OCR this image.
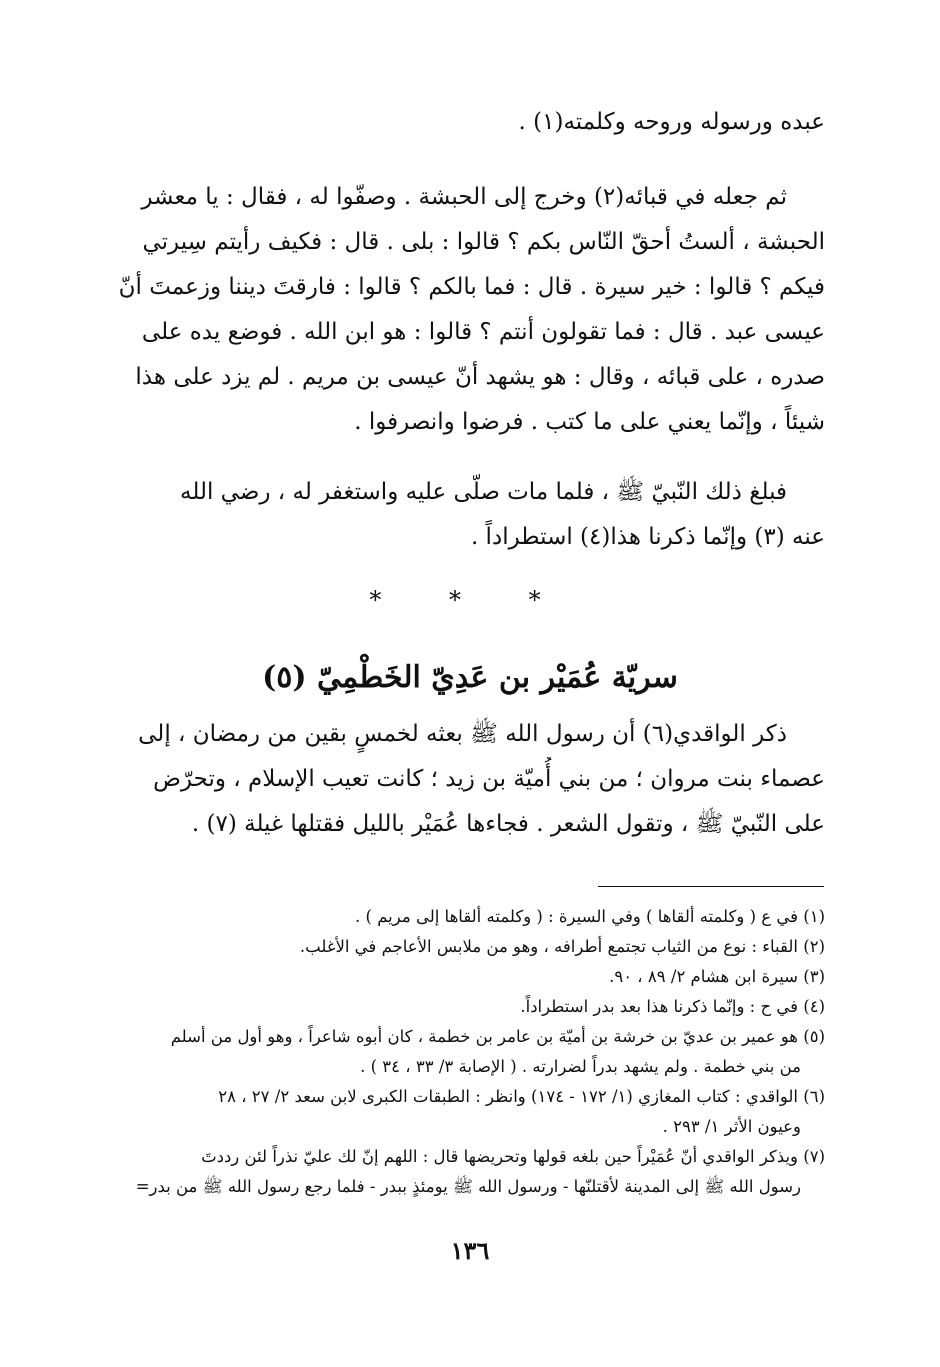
عبده ورسوله وروحه وكلمته(١) .
ثم جعله في قبائه(٢) وخرج إلى الحبشة . وصفّوا له ، فقال : يا معشر
الحبشة ، ألستُ أحقّ النّاس بكم ؟ قالوا : بلى . قال : فكيف رأيتم سِيرتي
فيكم ؟ قالوا : خير سيرة . قال : فما بالكم ؟ قالوا : فارقتَ ديننا وزعمتَ أنّ
عيسى عبد . قال : فما تقولون أنتم ؟ قالوا : هو ابن الله . فوضع يده على
صدره ، على قبائه ، وقال : هو يشهد أنّ عيسى بن مريم . لم يزد على هذا
شيئاً ، وإنّما يعني على ما كتب . فرضوا وانصرفوا .
فبلغ ذلك النّبيّ ﷺ ، فلما مات صلّى عليه واستغفر له ، رضي الله
عنه (٣) وإنّما ذكرنا هذا(٤) استطراداً .
* * *
سريّة عُمَيْر بن عَدِيّ الخَطْمِيّ (٥)
ذكر الواقدي(٦) أن رسول الله ﷺ بعثه لخمسٍ بقين من رمضان ، إلى
عصماء بنت مروان ؛ من بني أُميّة بن زيد ؛ كانت تعيب الإسلام ، وتحرّض
على النّبيّ ﷺ ، وتقول الشعر . فجاءها عُمَيْر بالليل فقتلها غيلة (٧) .
(١) في ع ( وكلمته ألقاها ) وفي السيرة : ( وكلمته ألقاها إلى مريم ) .
(٢) القباء : نوع من الثياب تجتمع أطرافه ، وهو من ملابس الأعاجم في الأغلب.
(٣) سيرة ابن هشام ٢/ ٨٩ ، ٩٠.
(٤) في ح : وإنّما ذكرنا هذا بعد بدر استطراداً.
(٥) هو عمير بن عديّ بن خرشة بن أميّة بن عامر بن خطمة ، كان أبوه شاعراً ، وهو أول من أسلم
من بني خطمة . ولم يشهد بدراً لضرارته . ( الإصابة ٣/ ٣٣ ، ٣٤ ) .
(٦) الواقدي : كتاب المغازي (١/ ١٧٢ - ١٧٤) وانظر : الطبقات الكبرى لابن سعد ٢/ ٢٧ ، ٢٨
وعيون الأثر ١/ ٢٩٣ .
(٧) ويذكر الواقدي أنّ عُمَيْراً حين بلغه قولها وتحريضها قال : اللهم إنّ لك عليّ نذراً لئن رددتَ
رسول الله ﷺ إلى المدينة لأقتلنّها - ورسول الله ﷺ يومئذٍ ببدر - فلما رجع رسول الله ﷺ من بدر=
١٣٦
